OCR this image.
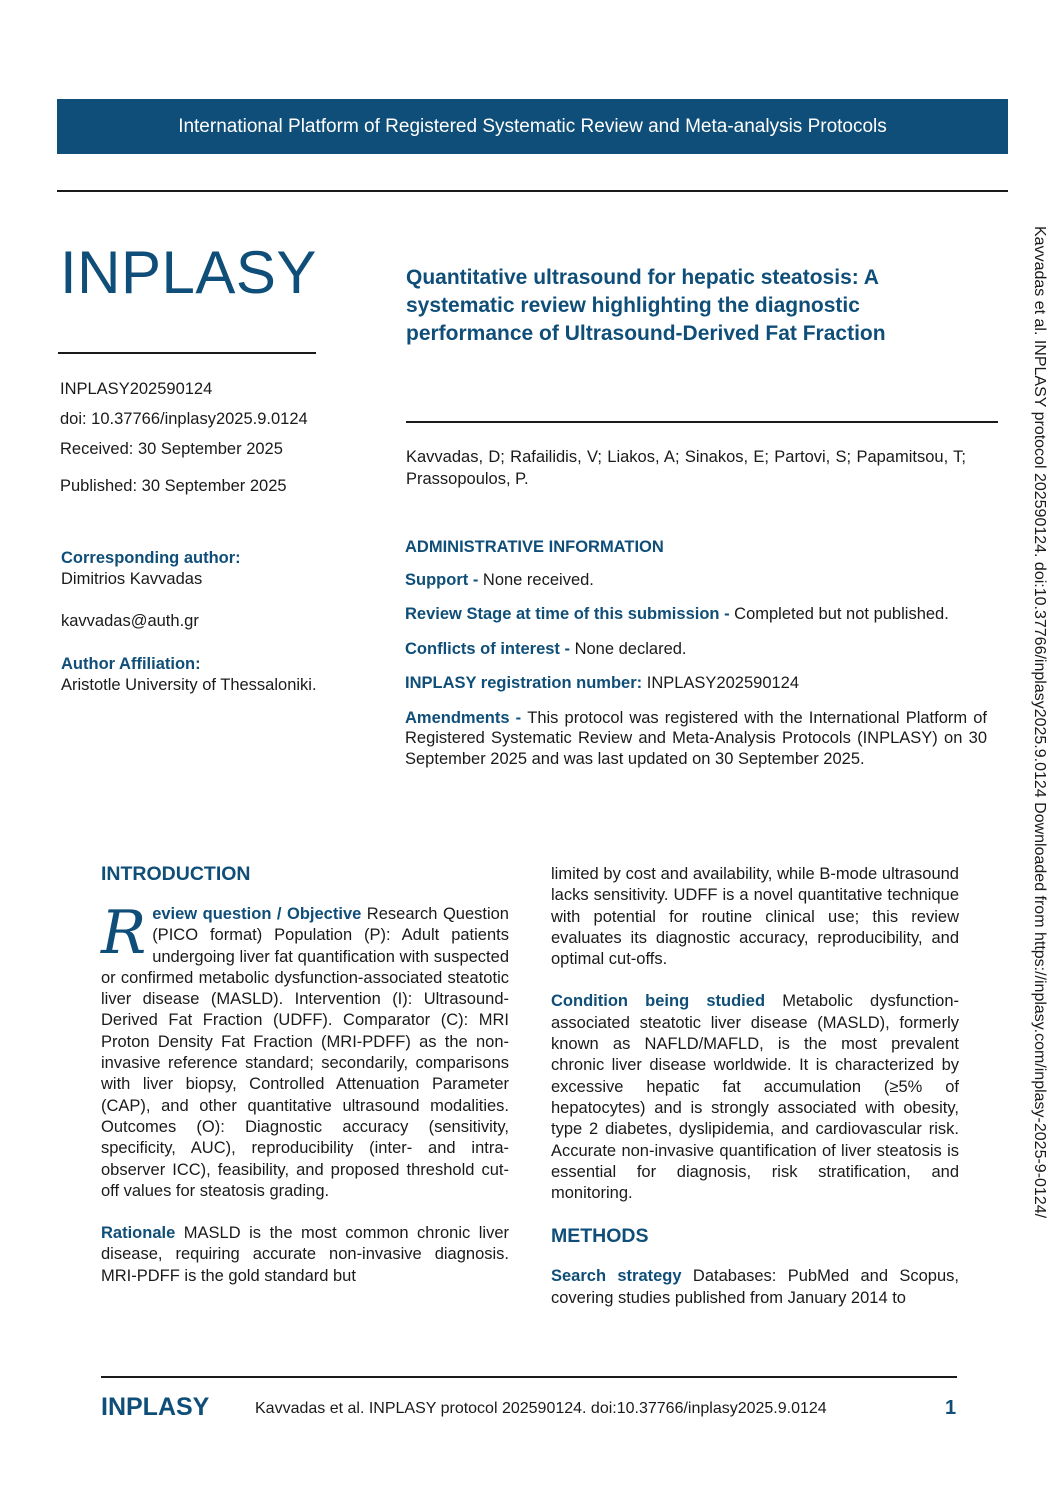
International Platform of Registered Systematic Review and Meta-analysis Protocols
INPLASY	Quantitative ultrasound for hepatic steatosis: A systematic review highlighting the diagnostic performance of Ultrasound-Derived Fat Fraction
INPLASY202590124
doi: 10.37766/inplasy2025.9.0124
Received: 30 September 2025
Published: 30 September 2025
Kavvadas, D; Rafailidis, V; Liakos, A; Sinakos, E; Partovi, S; Papamitsou, T; Prassopoulos, P.
Corresponding author:
Dimitrios Kavvadas
kavvadas@auth.gr
Author Affiliation:
Aristotle University of Thessaloniki.
ADMINISTRATIVE INFORMATION

Support - None received.

Review Stage at time of this submission - Completed but not published.

Conflicts of interest - None declared.

INPLASY registration number: INPLASY202590124

Amendments - This protocol was registered with the International Platform of Registered Systematic Review and Meta-Analysis Protocols (INPLASY) on 30 September 2025 and was last updated on 30 September 2025.

INTRODUCTION

Review question / Objective Research Question (PICO format) Population (P): Adult patients undergoing liver fat quantification with suspected or confirmed metabolic dysfunction-associated steatotic liver disease (MASLD). Intervention (I): Ultrasound-Derived Fat Fraction (UDFF). Comparator (C): MRI Proton Density Fat Fraction (MRI-PDFF) as the non-invasive reference standard; secondarily, comparisons with liver biopsy, Controlled Attenuation Parameter (CAP), and other quantitative ultrasound modalities. Outcomes (O): Diagnostic accuracy (sensitivity, specificity, AUC), reproducibility (inter- and intra-observer ICC), feasibility, and proposed threshold cut-off values for steatosis grading.

Rationale MASLD is the most common chronic liver disease, requiring accurate non-invasive diagnosis. MRI-PDFF is the gold standard but

limited by cost and availability, while B-mode ultrasound lacks sensitivity. UDFF is a novel quantitative technique with potential for routine clinical use; this review evaluates its diagnostic accuracy, reproducibility, and optimal cut-offs.

Condition being studied Metabolic dysfunction-associated steatotic liver disease (MASLD), formerly known as NAFLD/MAFLD, is the most prevalent chronic liver disease worldwide. It is characterized by excessive hepatic fat accumulation (≥5% of hepatocytes) and is strongly associated with obesity, type 2 diabetes, dyslipidemia, and cardiovascular risk. Accurate non-invasive quantification of liver steatosis is essential for diagnosis, risk stratification, and monitoring.

METHODS

Search strategy Databases: PubMed and Scopus, covering studies published from January 2014 to

Kavvadas et al. INPLASY protocol 202590124. doi:10.37766/inplasy2025.9.0124 Downloaded from https://inplasy.com/inplasy-2025-9-0124/
INPLASY	Kavvadas et al. INPLASY protocol 202590124. doi:10.37766/inplasy2025.9.0124	1
